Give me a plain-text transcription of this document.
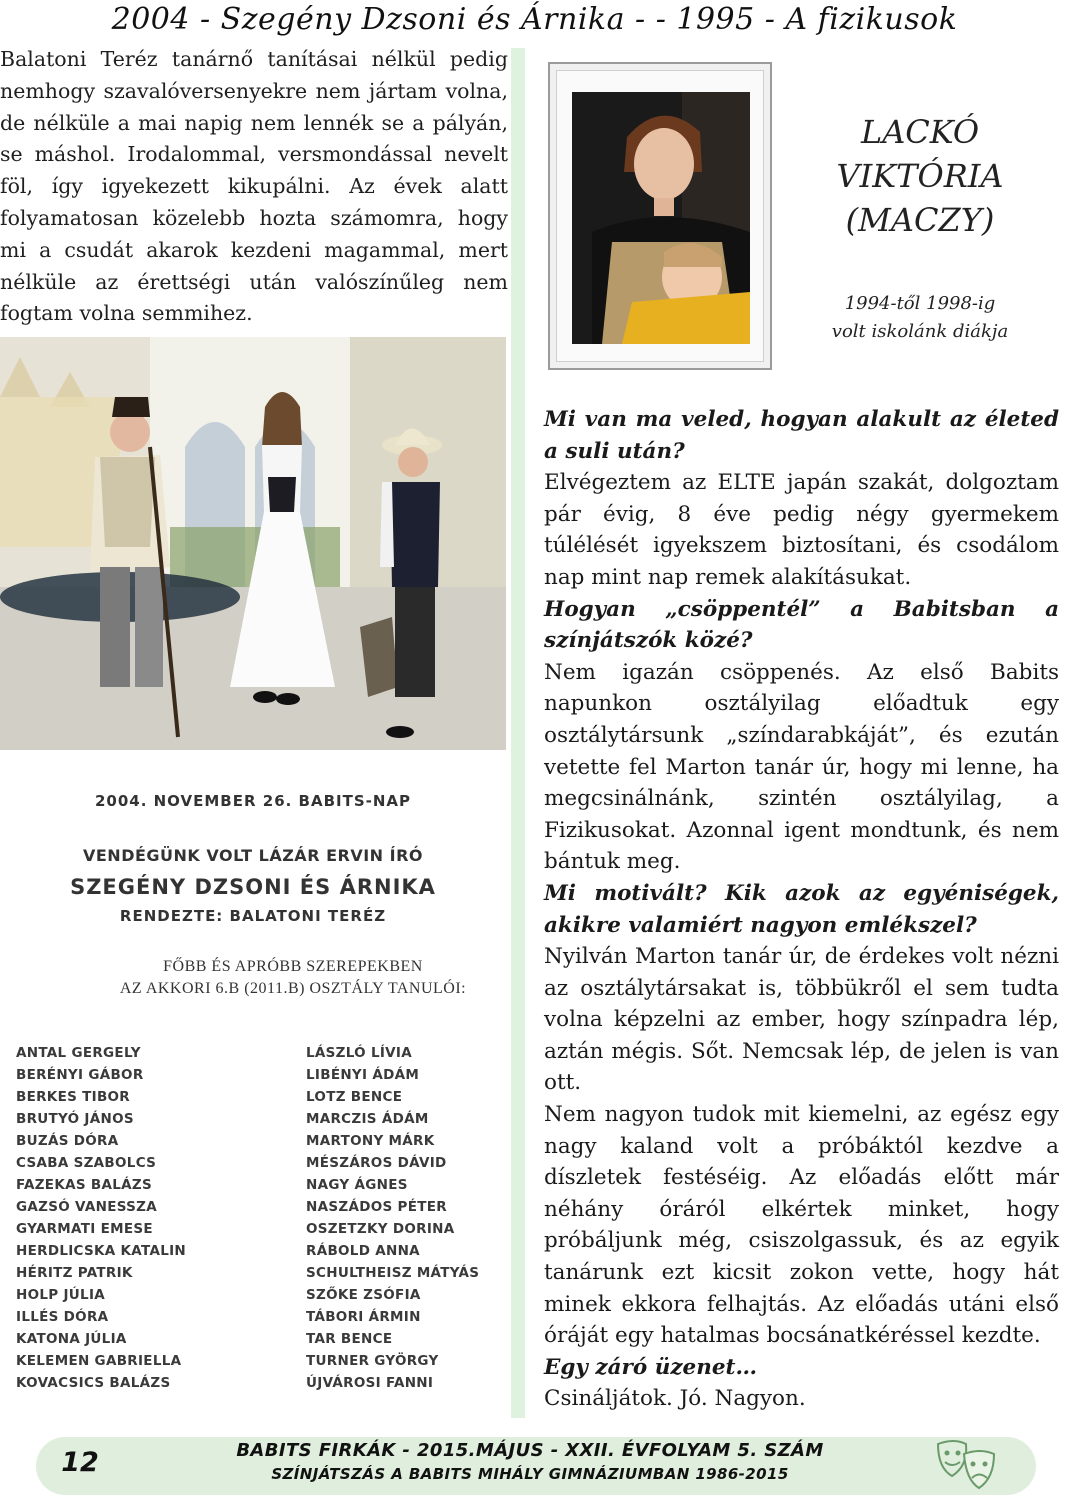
2004 - Szegény Dzsoni és Árnika - - 1995 - A fizikusok
Balatoni Teréz tanárnő tanításai nélkül pedig nemhogy szavalóversenyekre nem jártam volna, de nélküle a mai napig nem lennék se a pályán, se máshol. Irodalommal, versmondással nevelt föl, így igyekezett kikupálni. Az évek alatt folyamatosan közelebb hozta számomra, hogy mi a csudát akarok kezdeni magammal, mert nélküle az érettségi után valószínűleg nem fogtam volna semmihez.
2004. NOVEMBER 26. BABITS-NAP
VENDÉGÜNK VOLT LÁZÁR ERVIN ÍRÓ
SZEGÉNY DZSONI ÉS ÁRNIKA
RENDEZTE: BALATONI TERÉZ
FŐBB ÉS APRÓBB SZEREPEKBEN
AZ AKKORI 6.B (2011.B) OSZTÁLY TANULÓI:
ANTAL GERGELY
BERÉNYI GÁBOR
BERKES TIBOR
BRUTYÓ JÁNOS
BUZÁS DÓRA
CSABA SZABOLCS
FAZEKAS BALÁZS
GAZSÓ VANESSZA
GYARMATI EMESE
HERDLICSKA KATALIN
HÉRITZ PATRIK
HOLP JÚLIA
ILLÉS DÓRA
KATONA JÚLIA
KELEMEN GABRIELLA
KOVACSICS BALÁZS
LÁSZLÓ LÍVIA
LIBÉNYI ÁDÁM
LOTZ BENCE
MARCZIS ÁDÁM
MARTONY MÁRK
MÉSZÁROS DÁVID
NAGY ÁGNES
NASZÁDOS PÉTER
OSZETZKY DORINA
RÁBOLD ANNA
SCHULTHEISZ MÁTYÁS
SZŐKE ZSÓFIA
TÁBORI ÁRMIN
TAR BENCE
TURNER GYÖRGY
ÚJVÁROSI FANNI
LACKÓ
VIKTÓRIA
(MACZY)
1994-től 1998-ig
volt iskolánk diákja

Mi van ma veled, hogyan alakult az életed a suli után?

Elvégeztem az ELTE japán szakát, dolgoztam pár évig, 8 éve pedig négy gyermekem túlélését igyekszem biztosítani, és csodálom nap mint nap remek alakításukat.

Hogyan „csöppentél” a Babitsban a színjátszók közé?

Nem igazán csöppenés. Az első Babits napunkon osztályilag előadtuk egy osztálytársunk „színdarabkáját”, és ezután vetette fel Marton tanár úr, hogy mi lenne, ha megcsinálnánk, szintén osztályilag, a Fizikusokat. Azonnal igent mondtunk, és nem bántuk meg.

Mi motivált? Kik azok az egyéniségek, akikre valamiért nagyon emlékszel?

Nyilván Marton tanár úr, de érdekes volt nézni az osztálytársakat is, többükről el sem tudta volna képzelni az ember, hogy színpadra lép, aztán mégis. Sőt. Nemcsak lép, de jelen is van ott.

Nem nagyon tudok mit kiemelni, az egész egy nagy kaland volt a próbáktól kezdve a díszletek festéséig. Az előadás előtt már néhány óráról elkértek minket, hogy próbáljunk még, csiszolgassuk, és az egyik tanárunk ezt kicsit zokon vette, hogy hát minek ekkora felhajtás. Az előadás utáni első óráját egy hatalmas bocsánatkéréssel kezdte.

Egy záró üzenet…

Csináljátok. Jó. Nagyon.

12	BABITS FIRKÁK - 2015.MÁJUS - XXII. ÉVFOLYAM 5. SZÁM
SZÍNJÁTSZÁS A BABITS MIHÁLY GIMNÁZIUMBAN 1986-2015
